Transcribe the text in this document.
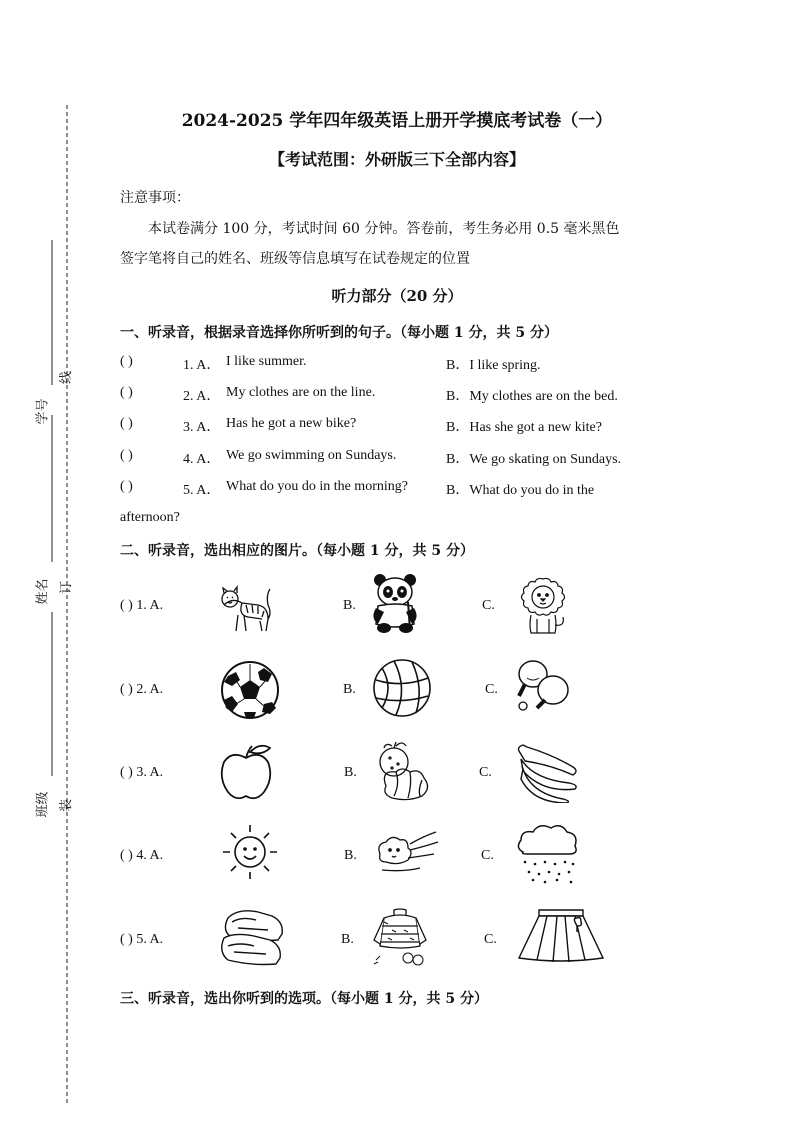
学号
线
姓名 订
班级 装
2024-2025 学年四年级英语上册开学摸底考试卷（一）
【考试范围：外研版三下全部内容】
注意事项：
本试卷满分 100 分，考试时间 60 分钟。答卷前，考生务必用 0.5 毫米黑色
签字笔将自己的姓名、班级等信息填写在试卷规定的位置
听力部分（20 分）
一、听录音，根据录音选择你所听到的句子。（每小题 1 分，共 5 分）
( )	1. A． I like summer.	B．I like spring.
( )	2. A． My clothes are on the line.	B．My clothes are on the bed.
( )	3. A． Has he got a new bike?	B．Has she got a new kite?
( )	4. A． We go swimming on Sundays.	B．We go skating on Sundays.
( )	5. A． What do you do in the morning?	B．What do you do in the
afternoon?
二、听录音，选出相应的图片。（每小题 1 分，共 5 分）
( ) 1. A.	B.	C.
( ) 2. A.	B.	C.
( ) 3. A.	B.	C.
( ) 4. A.	B.	C.
( ) 5. A.	B.	C.
三、听录音，选出你听到的选项。（每小题 1 分，共 5 分）
